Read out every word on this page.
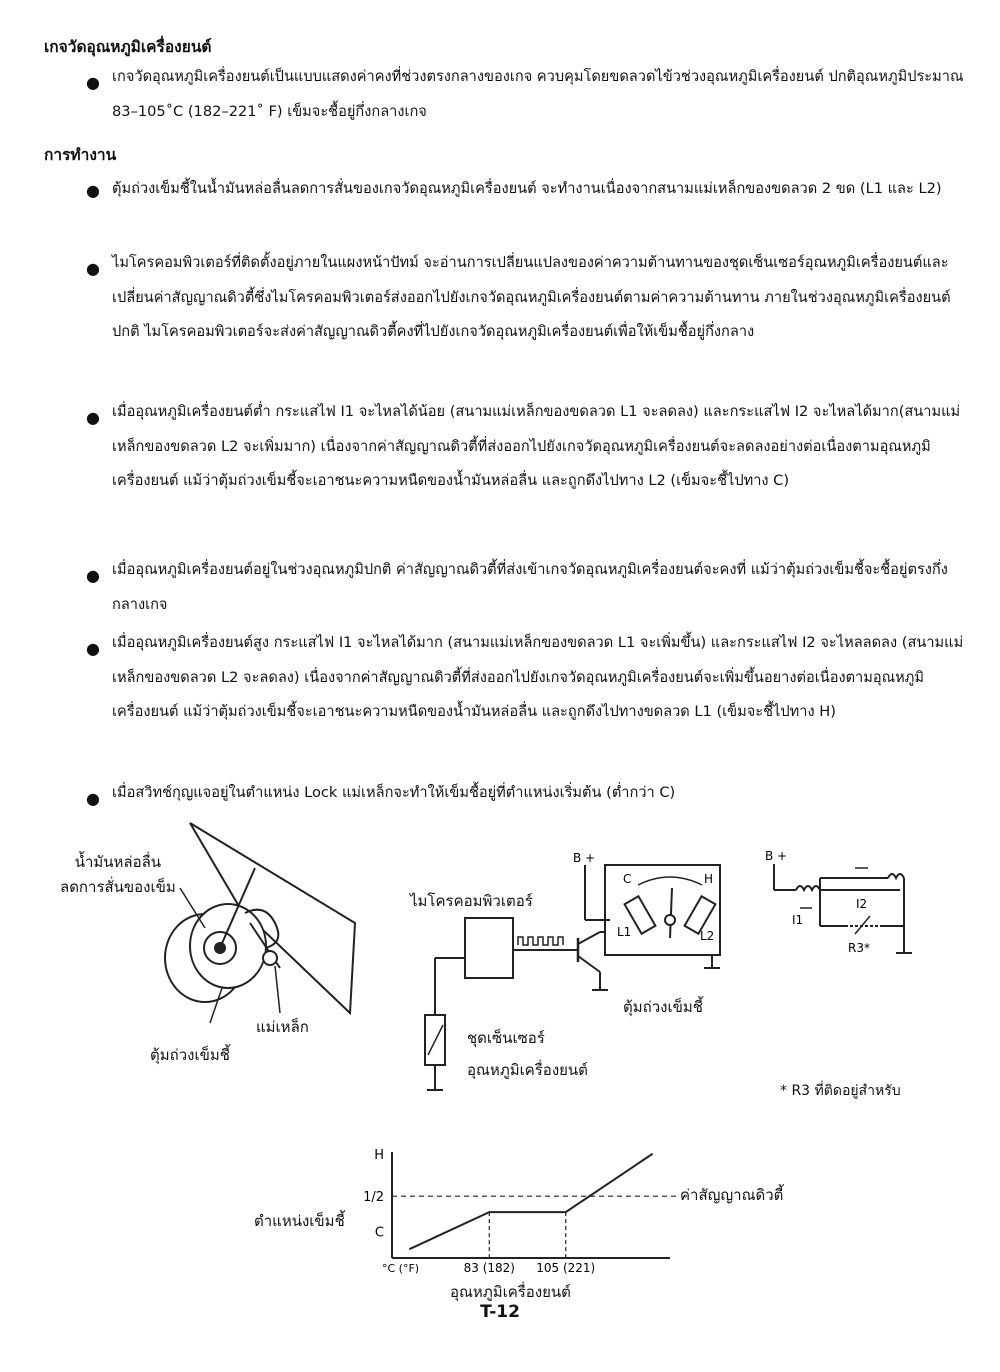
เกจวัดอุณหภูมิเครื่องยนต์
● เกจวัดอุณหภูมิเครื่องยนต์เป็นแบบแสดงค่าคงที่ช่วงตรงกลางของเกจ ควบคุมโดยขดลวดไข้วช่วงอุณหภูมิเครื่องยนต์ ปกติอุณหภูมิประมาณ 83–105˚C (182–221˚ F) เข็มจะชื้อยู่กึ่งกลางเกจ

การทำงาน
● ตุ้มถ่วงเข็มชี้ในน้ำมันหล่อลื่นลดการสั่นของเกจวัดอุณหภูมิเครื่องยนต์ จะทำงานเนื่องจากสนามแม่เหล็กของขดลวด 2 ขด (L1 และ L2)

● ไมโครคอมพิวเตอร์ที่ติดตั้งอยู่ภายในแผงหน้าปัทม์ จะอ่านการเปลี่ยนแปลงของค่าความต้านทานของชุดเซ็นเซอร์อุณหภูมิเครื่องยนต์และเปลี่ยนค่าสัญญาณดิวตี้ซึ่งไมโครคอมพิวเตอร์ส่งออกไปยังเกจวัดอุณหภูมิเครื่องยนต์ตามค่าความต้านทาน ภายในช่วงอุณหภูมิเครื่องยนต์ปกติ ไมโครคอมพิวเตอร์จะส่งค่าสัญญาณดิวตี้คงที่ไปยังเกจวัดอุณหภูมิเครื่องยนต์เพื่อให้เข็มชื้อยู่กึ่งกลาง

● เมื่ออุณหภูมิเครื่องยนต์ต่ำ กระแสไฟ I1 จะไหลได้น้อย (สนามแม่เหล็กของขดลวด L1 จะลดลง) และกระแสไฟ I2 จะไหลได้มาก(สนามแม่เหล็กของขดลวด L2 จะเพิ่มมาก) เนื่องจากค่าสัญญาณดิวตี้ที่ส่งออกไปยังเกจวัดอุณหภูมิเครื่องยนต์จะลดลงอย่างต่อเนื่องตามอุณหภูมิเครื่องยนต์ แม้ว่าตุ้มถ่วงเข็มชี้จะเอาชนะความหนืดของน้ำมันหล่อลื่น และถูกดึงไปทาง L2 (เข็มจะชี้ไปทาง C)

● เมื่ออุณหภูมิเครื่องยนต์อยู่ในช่วงอุณหภูมิปกติ ค่าสัญญาณดิวตี้ที่ส่งเข้าเกจวัดอุณหภูมิเครื่องยนต์จะคงที่ แม้ว่าตุ้มถ่วงเข็มชี้จะชื้อยู่ตรงกึ่งกลางเกจ

● เมื่ออุณหภูมิเครื่องยนต์สูง กระแสไฟ I1 จะไหลได้มาก (สนามแม่เหล็กของขดลวด L1 จะเพิ่มขึ้น) และกระแสไฟ I2 จะไหลลดลง (สนามแม่เหล็กของขดลวด L2 จะลดลง) เนื่องจากค่าสัญญาณดิวตี้ที่ส่งออกไปยังเกจวัดอุณหภูมิเครื่องยนต์จะเพิ่มขึ้นอยางต่อเนื่องตามอุณหภูมิเครื่องยนต์ แม้ว่าตุ้มถ่วงเข็มชี้จะเอาชนะความหนืดของน้ำมันหล่อลื่น และถูกดึงไปทางขดลวด L1 (เข็มจะชี้ไปทาง H)

● เมื่อสวิทช์กุญแจอยู่ในตำแหน่ง Lock แม่เหล็กจะทำให้เข็มชื้อยู่ที่ตำแหน่งเริ่มต้น (ต่ำกว่า C)

น้ำมันหล่อลื่น
ลดการสั่นของเข็ม
แม่เหล็ก
ตุ้มถ่วงเข็มชี้
B +
C	H
L1	L2
ไมโครคอมพิวเตอร์
ตุ้มถ่วงเข็มชี้
ชุดเซ็นเซอร์
อุณหภูมิเครื่องยนต์
B +
I1
I2
R3*
* R3 ที่ติดอยู่สำหรับ
ตำแหน่งเข็มชี้
ค่าสัญญาณดิวตี้
H
1/2
C
83 (182) 105 (221)
°C (°F)
อุณหภูมิเครื่องยนต์
T-12
